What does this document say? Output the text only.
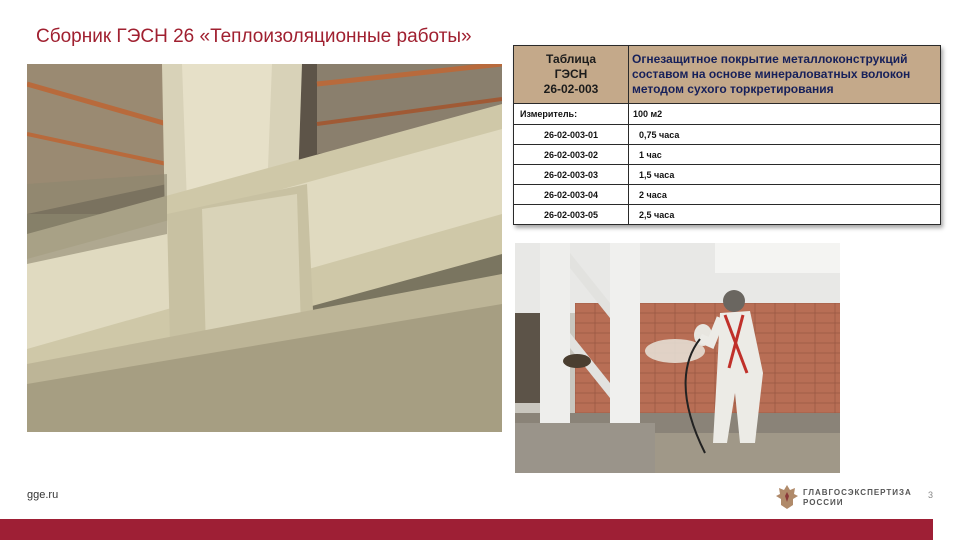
Сборник ГЭСН 26 «Теплоизоляционные работы»
Таблица
ГЭСН
26-02-003	Огнезащитное покрытие металлоконструкций составом на основе минераловатных волокон методом сухого торкретирования
Измеритель:	100 м2
26-02-003-01	0,75 часа
26-02-003-02	1 час
26-02-003-03	1,5 часа
26-02-003-04	2 часа
26-02-003-05	2,5 часа
gge.ru	ГЛАВГОСЭКСПЕРТИЗА
РОССИИ
3
